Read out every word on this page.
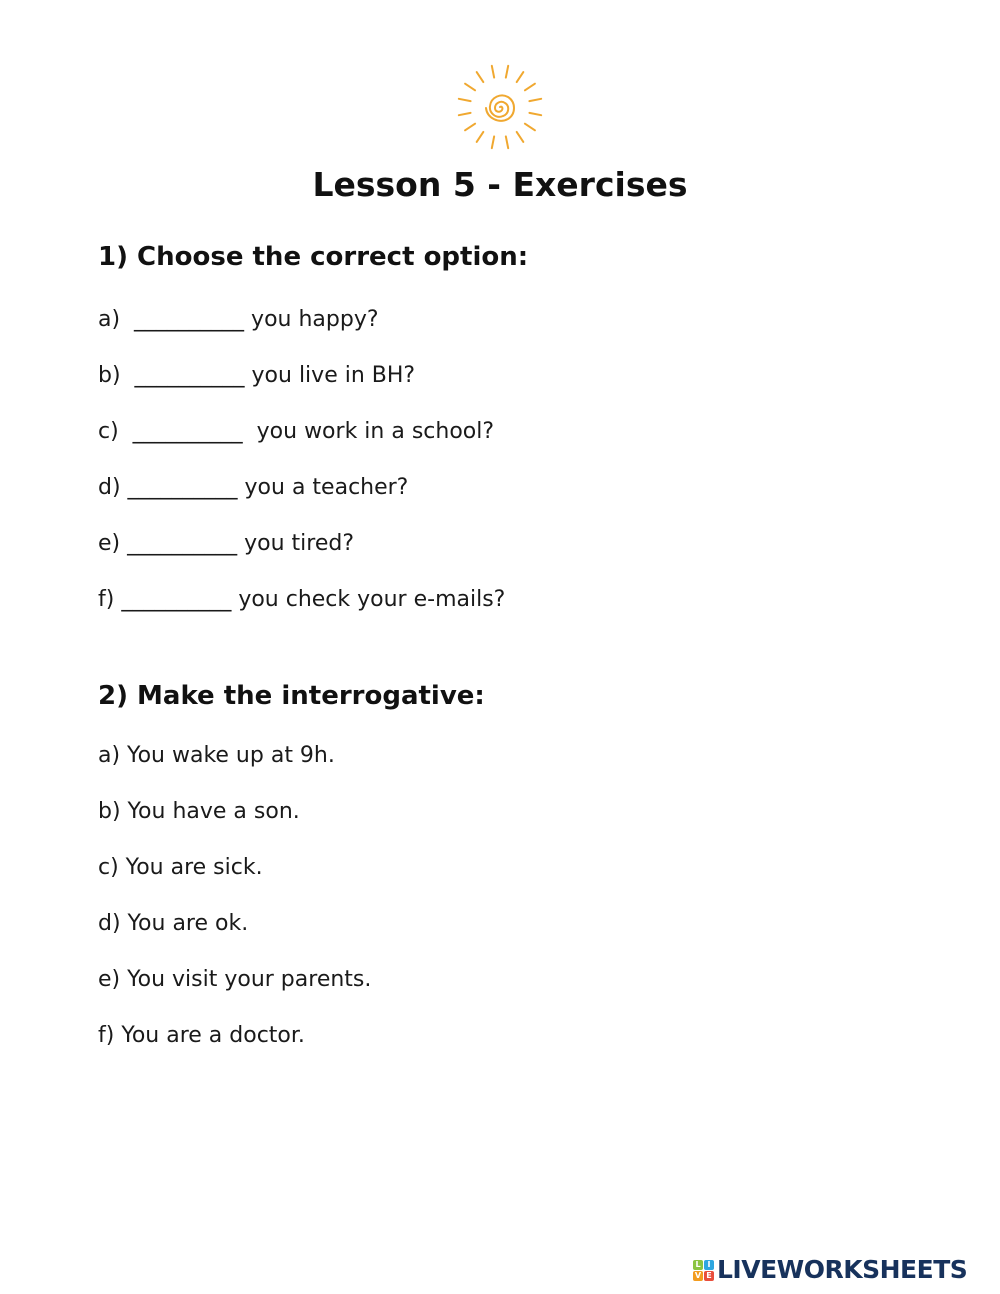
Lesson 5 - Exercises
1) Choose the correct option:
a)  __________ you happy?
b)  __________ you live in BH?
c)  __________  you work in a school?
d) __________ you a teacher?
e) __________ you tired?
f) __________ you check your e-mails?
2) Make the interrogative:
a) You wake up at 9h.
b) You have a son.
c) You are sick.
d) You are ok.
e) You visit your parents.
f) You are a doctor.
L I
V E LIVEWORKSHEETS
